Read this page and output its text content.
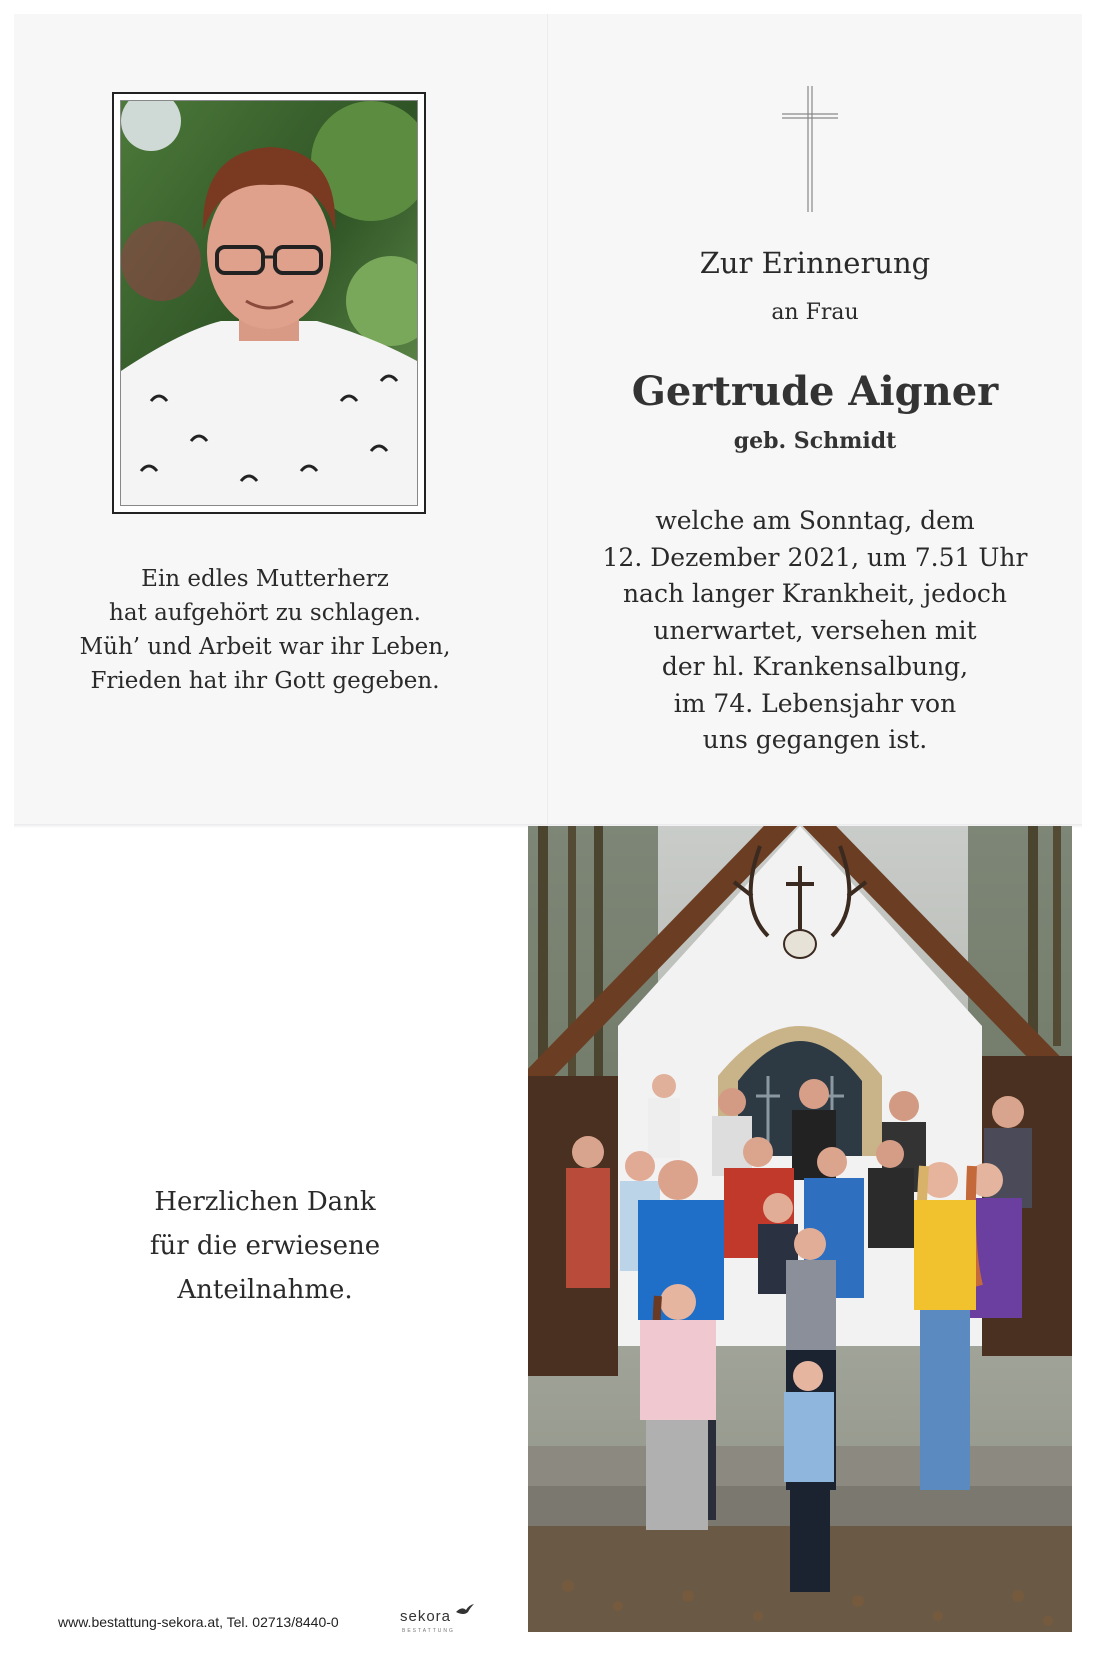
Ein edles Mutterherz
hat aufgehört zu schlagen.
Müh’ und Arbeit war ihr Leben,
Frieden hat ihr Gott gegeben.
Zur Erinnerung
an Frau
Gertrude Aigner
geb. Schmidt
welche am Sonntag, dem
12. Dezember 2021, um 7.51 Uhr
nach langer Krankheit, jedoch
unerwartet, versehen mit
der hl. Krankensalbung,
im 74. Lebensjahr von
uns gegangen ist.
Herzlichen Dank
für die erwiesene
Anteilnahme.
www.bestattung-sekora.at, Tel. 02713/8440-0	sekora
BESTATTUNG
